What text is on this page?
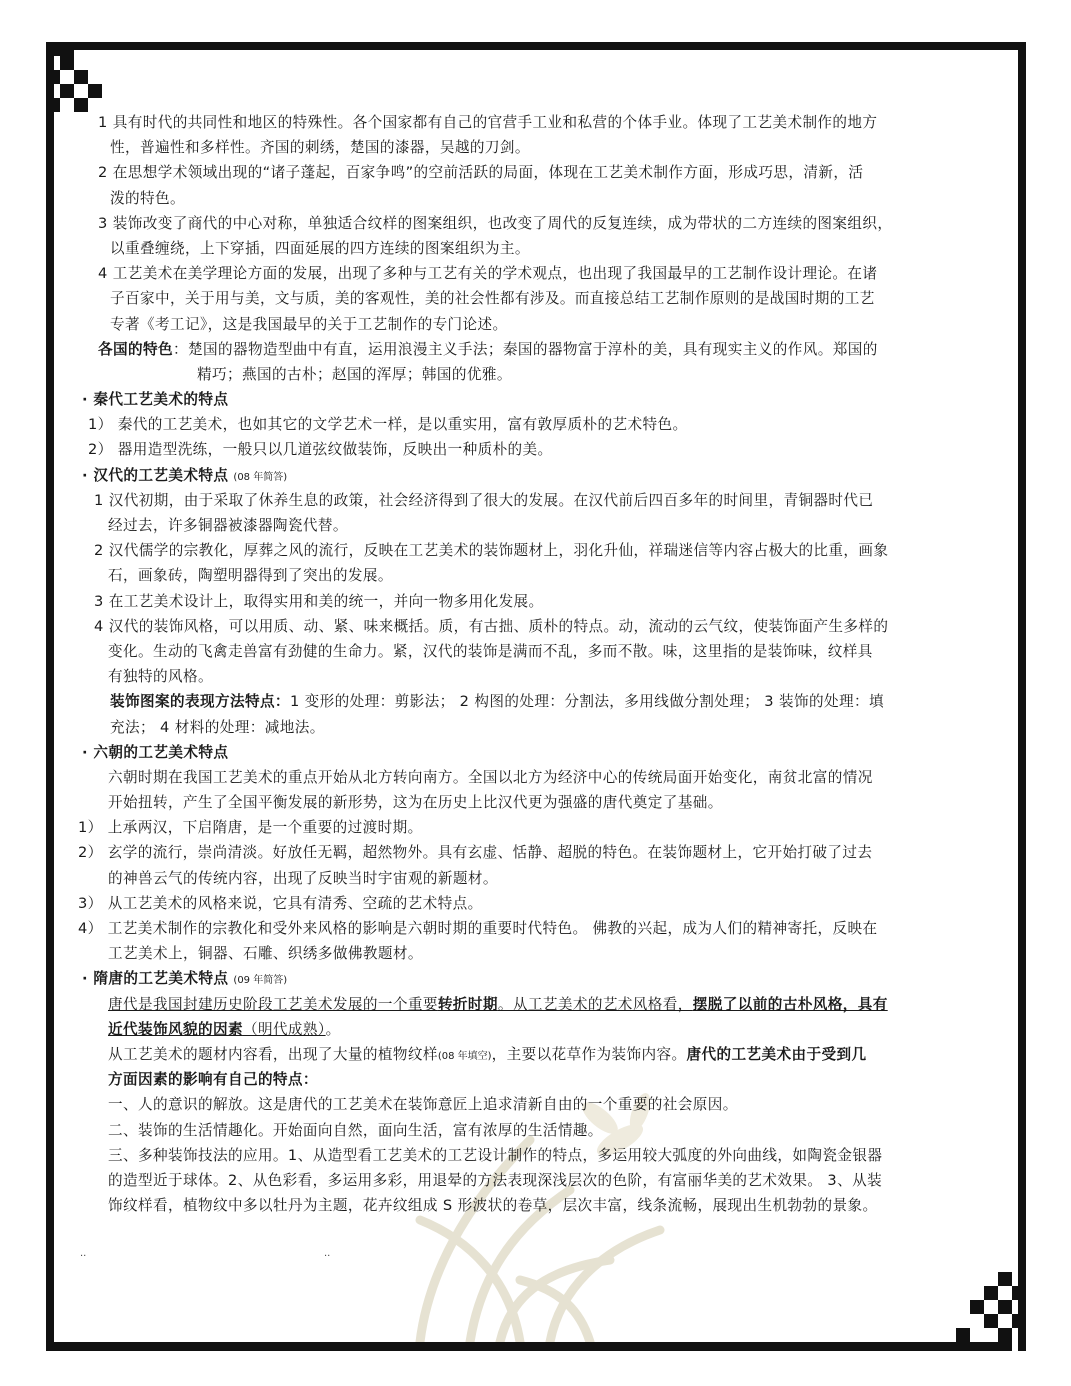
1 具有时代的共同性和地区的特殊性。各个国家都有自己的官营手工业和私营的个体手业。体现了工艺美术制作的地方
性，普遍性和多样性。齐国的刺绣，楚国的漆器，吴越的刀剑。
2 在思想学术领域出现的“诸子蓬起，百家争鸣”的空前活跃的局面，体现在工艺美术制作方面，形成巧思，清新，活
泼的特色。
3 装饰改变了商代的中心对称，单独适合纹样的图案组织，也改变了周代的反复连续，成为带状的二方连续的图案组织，
以重叠缠绕，上下穿插，四面延展的四方连续的图案组织为主。
4 工艺美术在美学理论方面的发展，出现了多种与工艺有关的学术观点，也出现了我国最早的工艺制作设计理论。在诸
子百家中，关于用与美，文与质，美的客观性，美的社会性都有涉及。而直接总结工艺制作原则的是战国时期的工艺
专著《考工记》，这是我国最早的关于工艺制作的专门论述。
各国的特色：楚国的器物造型曲中有直，运用浪漫主义手法；秦国的器物富于淳朴的美，具有现实主义的作风。郑国的
精巧；燕国的古朴；赵国的浑厚；韩国的优雅。
· 秦代工艺美术的特点
1） 秦代的工艺美术，也如其它的文学艺术一样，是以重实用，富有敦厚质朴的艺术特色。
2） 器用造型洗练，一般只以几道弦纹做装饰，反映出一种质朴的美。
· 汉代的工艺美术特点 (08 年简答)
1 汉代初期，由于采取了休养生息的政策，社会经济得到了很大的发展。在汉代前后四百多年的时间里，青铜器时代已
经过去，许多铜器被漆器陶瓷代替。
2 汉代儒学的宗教化，厚葬之风的流行，反映在工艺美术的装饰题材上，羽化升仙，祥瑞迷信等内容占极大的比重，画象
石，画象砖，陶塑明器得到了突出的发展。
3 在工艺美术设计上，取得实用和美的统一，并向一物多用化发展。
4 汉代的装饰风格，可以用质、动、紧、味来概括。质，有古拙、质朴的特点。动，流动的云气纹，使装饰面产生多样的
变化。生动的飞禽走兽富有劲健的生命力。紧，汉代的装饰是满而不乱，多而不散。味，这里指的是装饰味，纹样具
有独特的风格。
装饰图案的表现方法特点：1 变形的处理：剪影法； 2 构图的处理：分割法，多用线做分割处理； 3 装饰的处理：填
充法； 4 材料的处理：减地法。
· 六朝的工艺美术特点
六朝时期在我国工艺美术的重点开始从北方转向南方。全国以北方为经济中心的传统局面开始变化，南贫北富的情况
开始扭转，产生了全国平衡发展的新形势，这为在历史上比汉代更为强盛的唐代奠定了基础。
1） 上承两汉，下启隋唐，是一个重要的过渡时期。
2） 玄学的流行，崇尚清淡。好放任无羁，超然物外。具有玄虚、恬静、超脱的特色。在装饰题材上，它开始打破了过去
的神兽云气的传统内容，出现了反映当时宇宙观的新题材。
3） 从工艺美术的风格来说，它具有清秀、空疏的艺术特点。
4） 工艺美术制作的宗教化和受外来风格的影响是六朝时期的重要时代特色。 佛教的兴起，成为人们的精神寄托，反映在
工艺美术上，铜器、石雕、织绣多做佛教题材。
· 隋唐的工艺美术特点 (09 年简答)
唐代是我国封建历史阶段工艺美术发展的一个重要转折时期。从工艺美术的艺术风格看，摆脱了以前的古朴风格，具有
近代装饰风貌的因素（明代成熟）。
从工艺美术的题材内容看，出现了大量的植物纹样(08 年填空)，主要以花草作为装饰内容。唐代的工艺美术由于受到几
方面因素的影响有自己的特点：
一、人的意识的解放。这是唐代的工艺美术在装饰意匠上追求清新自由的一个重要的社会原因。
二、装饰的生活情趣化。开始面向自然，面向生活，富有浓厚的生活情趣。
三、多种装饰技法的应用。1、从造型看工艺美术的工艺设计制作的特点，多运用较大弧度的外向曲线，如陶瓷金银器
的造型近于球体。2、从色彩看，多运用多彩，用退晕的方法表现深浅层次的色阶，有富丽华美的艺术效果。 3、从装
饰纹样看，植物纹中多以牡丹为主题，花卉纹组成 S 形波状的卷草，层次丰富，线条流畅，展现出生机勃勃的景象。
..	..
